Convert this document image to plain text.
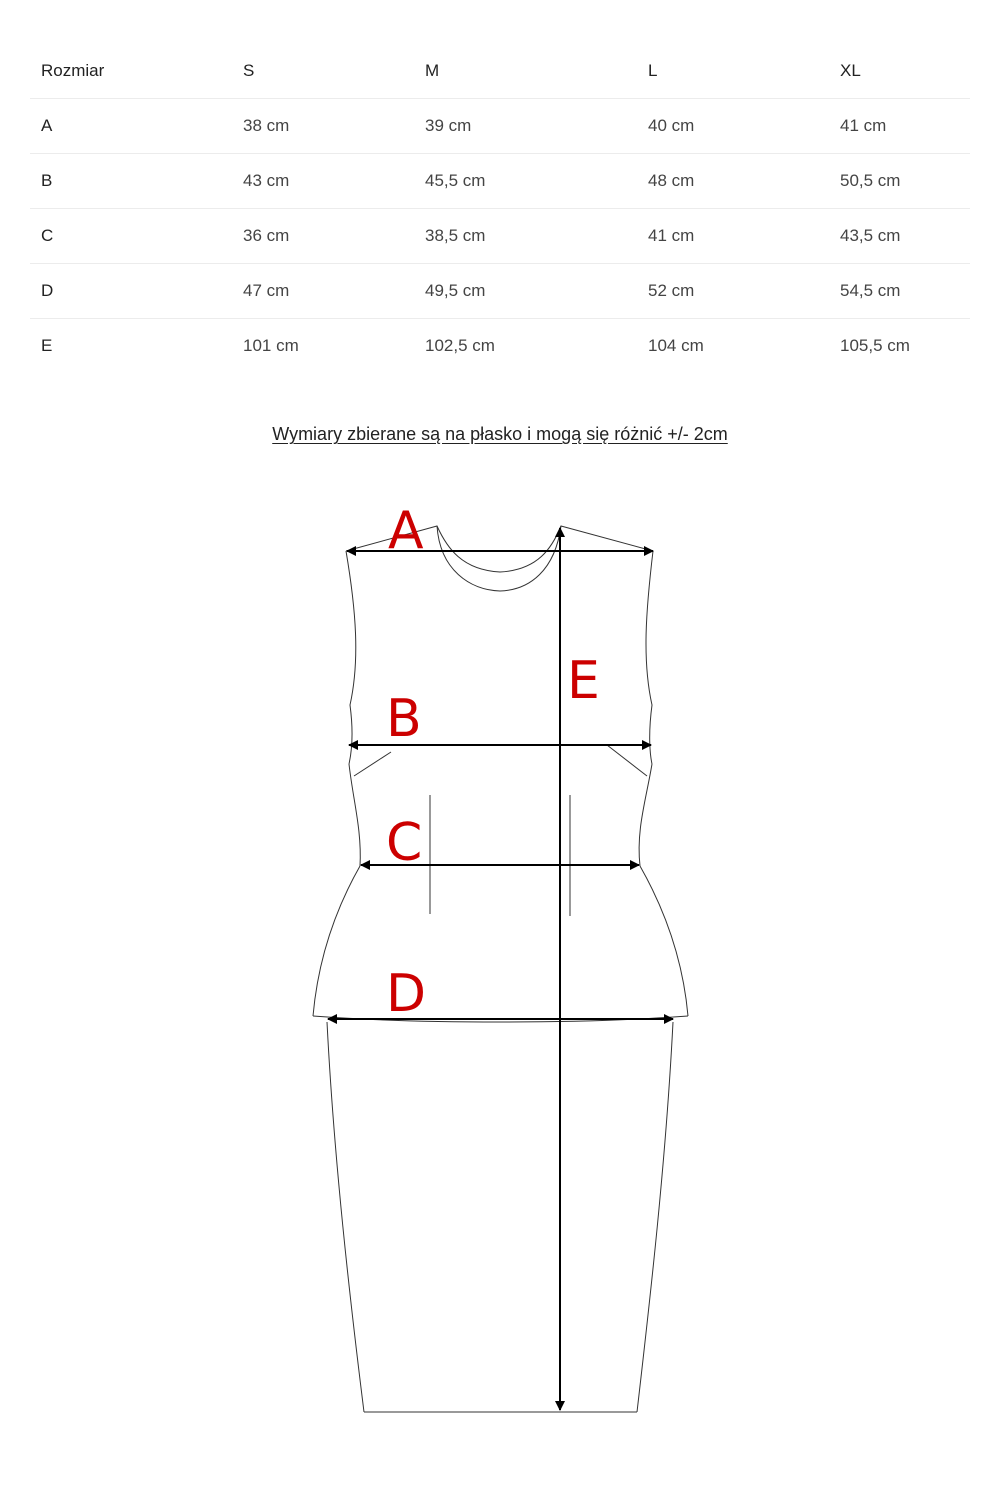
Rozmiar	S	M	L	XL
A	38 cm	39 cm	40 cm	41 cm
B	43 cm	45,5 cm	48 cm	50,5 cm
C	36 cm	38,5 cm	41 cm	43,5 cm
D	47 cm	49,5 cm	52 cm	54,5 cm
E	101 cm	102,5 cm	104 cm	105,5 cm
Wymiary zbierane są na płasko i mogą się różnić +/- 2cm
A
B
C
D
E
